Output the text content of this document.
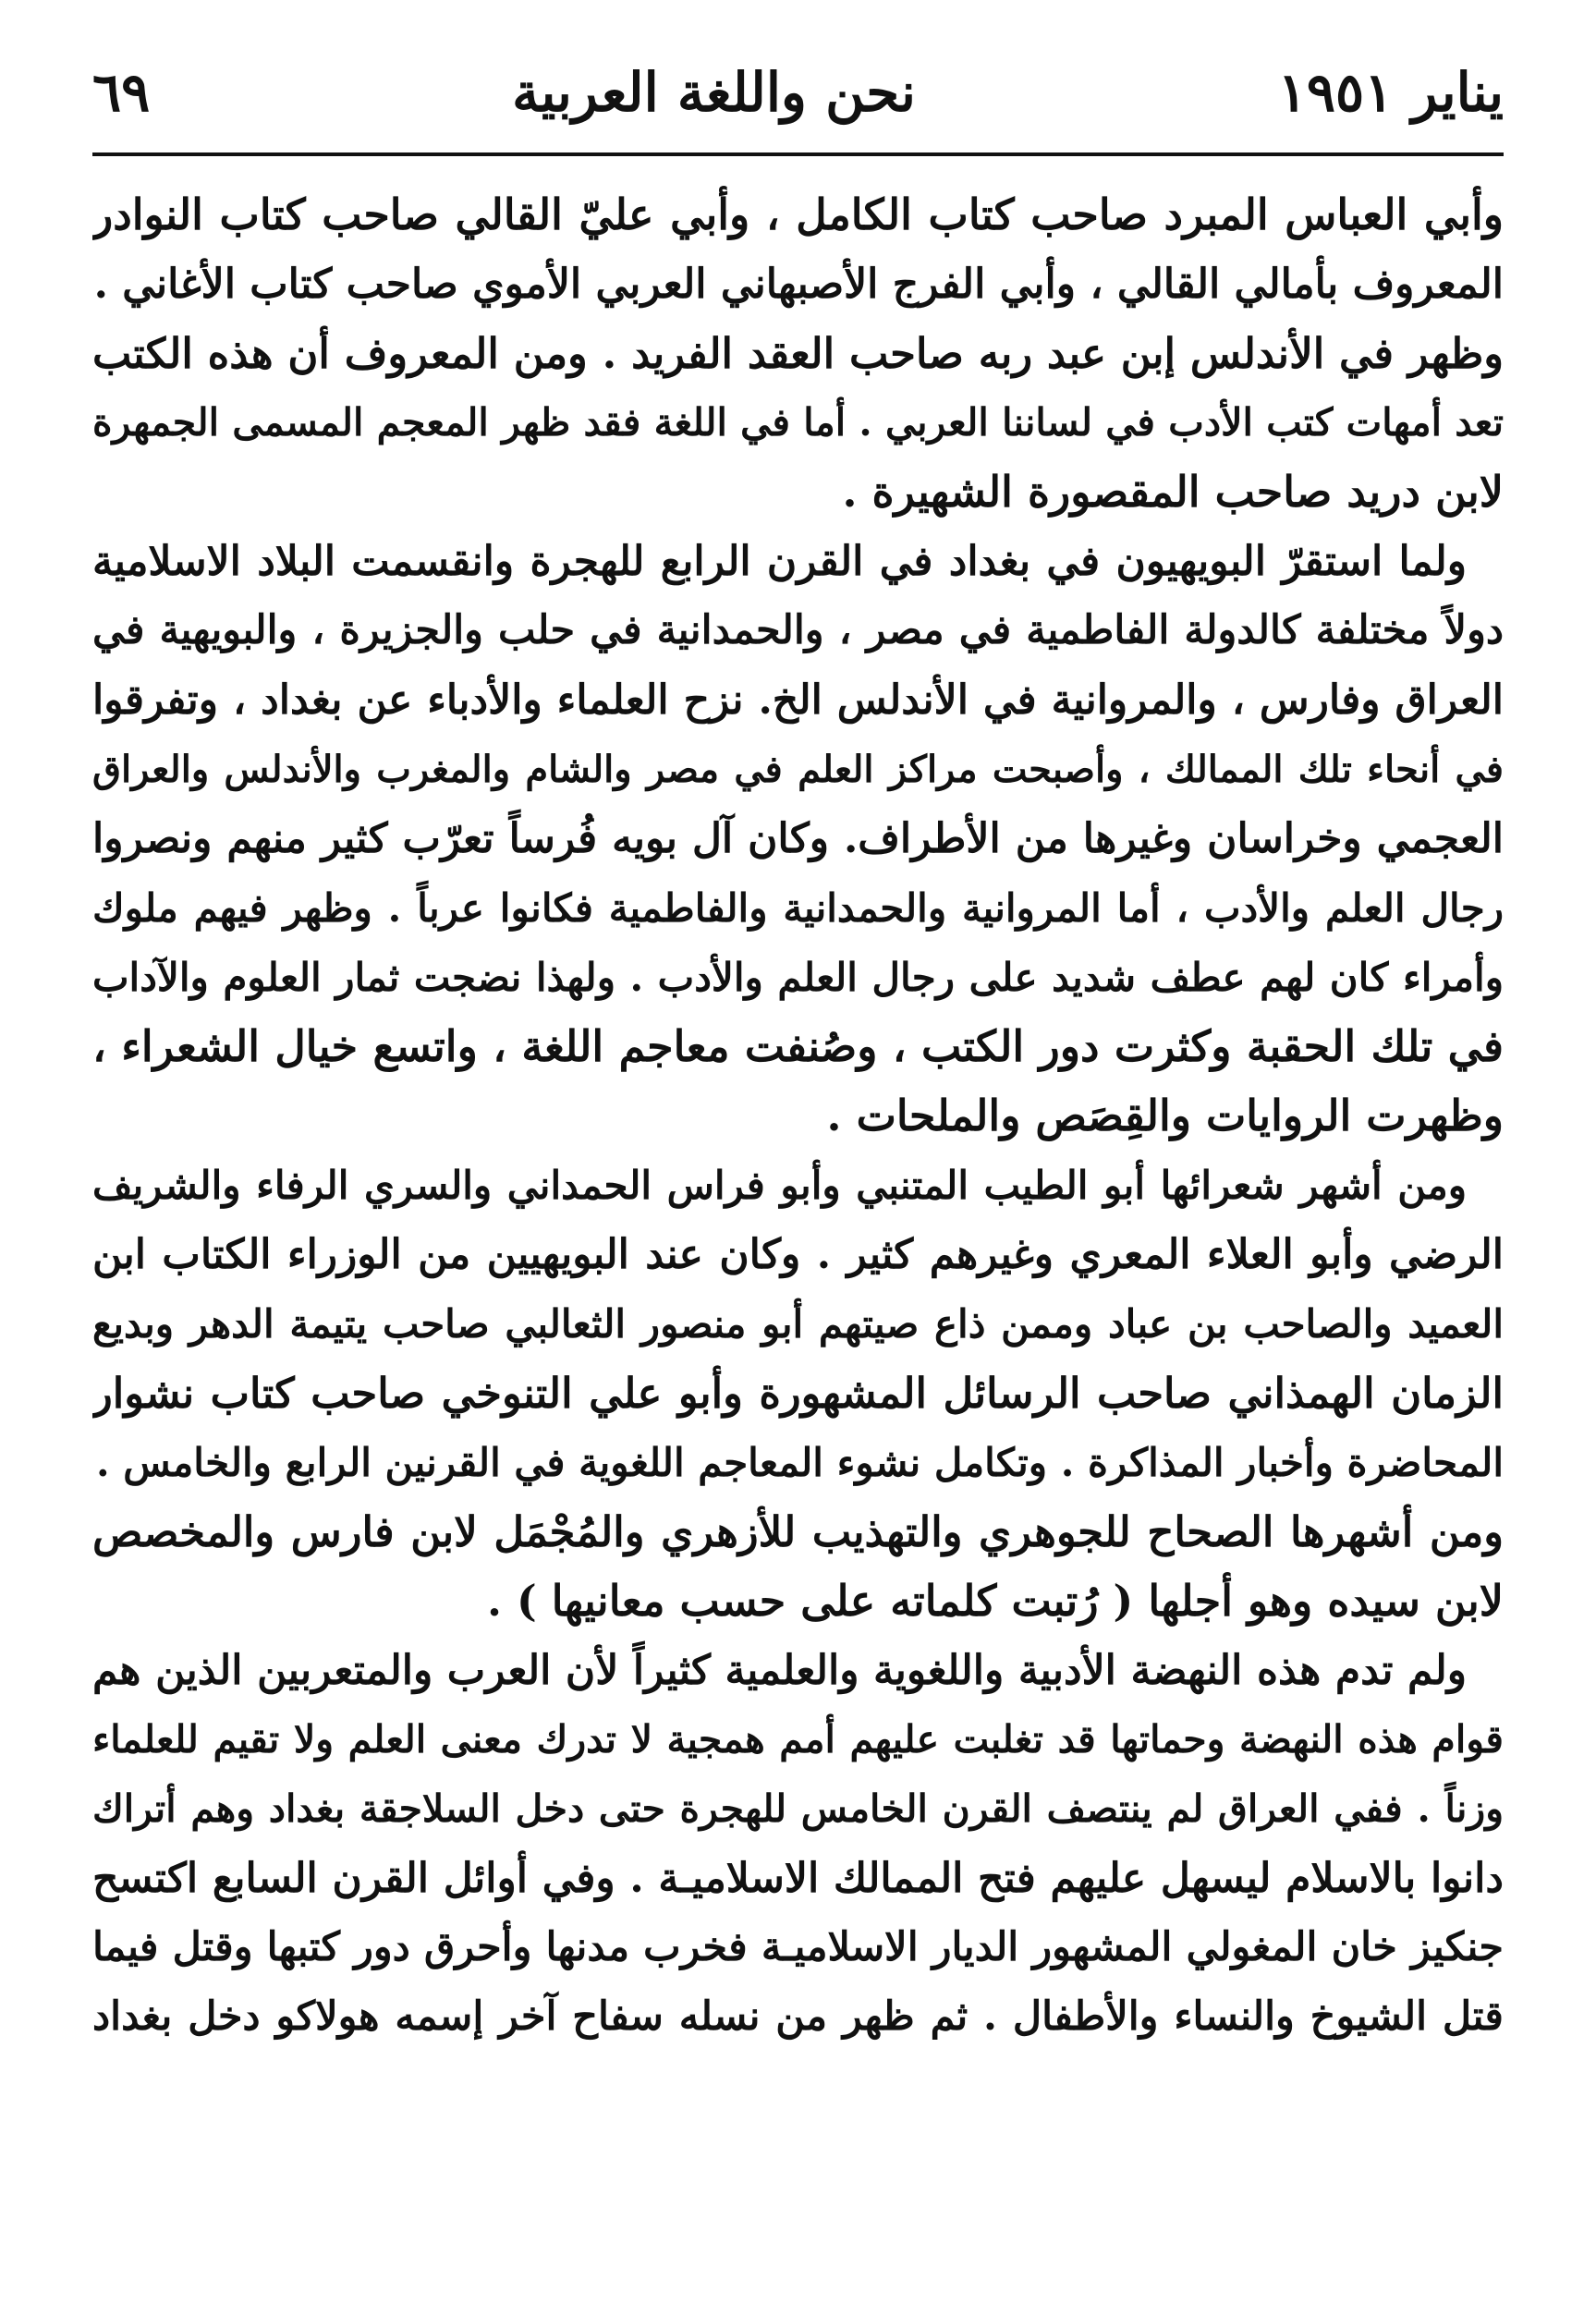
يناير ١٩٥١
نحن واللغة العربية
٦٩
وأبي العباس المبرد صاحب كتاب الكامل ، وأبي عليّ القالي صاحب كتاب النوادر
المعروف بأمالي القالي ، وأبي الفرج الأصبهاني العربي الأموي صاحب كتاب الأغاني .
وظهر في الأندلس إبن عبد ربه صاحب العقد الفريد . ومن المعروف أن هذه الكتب
تعد أمهات كتب الأدب في لساننا العربي . أما في اللغة فقد ظهر المعجم المسمى الجمهرة
لابن دريد صاحب المقصورة الشهيرة .
ولما استقرّ البويهيون في بغداد في القرن الرابع للهجرة وانقسمت البلاد الاسلامية
دولاً مختلفة كالدولة الفاطمية في مصر ، والحمدانية في حلب والجزيرة ، والبويهية في
العراق وفارس ، والمروانية في الأندلس الخ. نزح العلماء والأدباء عن بغداد ، وتفرقوا
في أنحاء تلك الممالك ، وأصبحت مراكز العلم في مصر والشام والمغرب والأندلس والعراق
العجمي وخراسان وغيرها من الأطراف. وكان آل بويه فُرساً تعرّب كثير منهم ونصروا
رجال العلم والأدب ، أما المروانية والحمدانية والفاطمية فكانوا عرباً . وظهر فيهم ملوك
وأمراء كان لهم عطف شديد على رجال العلم والأدب . ولهذا نضجت ثمار العلوم والآداب
في تلك الحقبة وكثرت دور الكتب ، وصُنفت معاجم اللغة ، واتسع خيال الشعراء ،
وظهرت الروايات والقِصَص والملحات .
ومن أشهر شعرائها أبو الطيب المتنبي وأبو فراس الحمداني والسري الرفاء والشريف
الرضي وأبو العلاء المعري وغيرهم كثير . وكان عند البويهيين من الوزراء الكتاب ابن
العميد والصاحب بن عباد وممن ذاع صيتهم أبو منصور الثعالبي صاحب يتيمة الدهر وبديع
الزمان الهمذاني صاحب الرسائل المشهورة وأبو علي التنوخي صاحب كتاب نشوار
المحاضرة وأخبار المذاكرة . وتكامل نشوء المعاجم اللغوية في القرنين الرابع والخامس .
ومن أشهرها الصحاح للجوهري والتهذيب للأزهري والمُجْمَل لابن فارس والمخصص
لابن سيده وهو أجلها ( رُتبت كلماته على حسب معانيها ) .
ولم تدم هذه النهضة الأدبية واللغوية والعلمية كثيراً لأن العرب والمتعربين الذين هم
قوام هذه النهضة وحماتها قد تغلبت عليهم أمم همجية لا تدرك معنى العلم ولا تقيم للعلماء
وزناً . ففي العراق لم ينتصف القرن الخامس للهجرة حتى دخل السلاجقة بغداد وهم أتراك
دانوا بالاسلام ليسهل عليهم فتح الممالك الاسلاميـة . وفي أوائل القرن السابع اكتسح
جنكيز خان المغولي المشهور الديار الاسلاميـة فخرب مدنها وأحرق دور كتبها وقتل فيما
قتل الشيوخ والنساء والأطفال . ثم ظهر من نسله سفاح آخر إسمه هولاكو دخل بغداد
